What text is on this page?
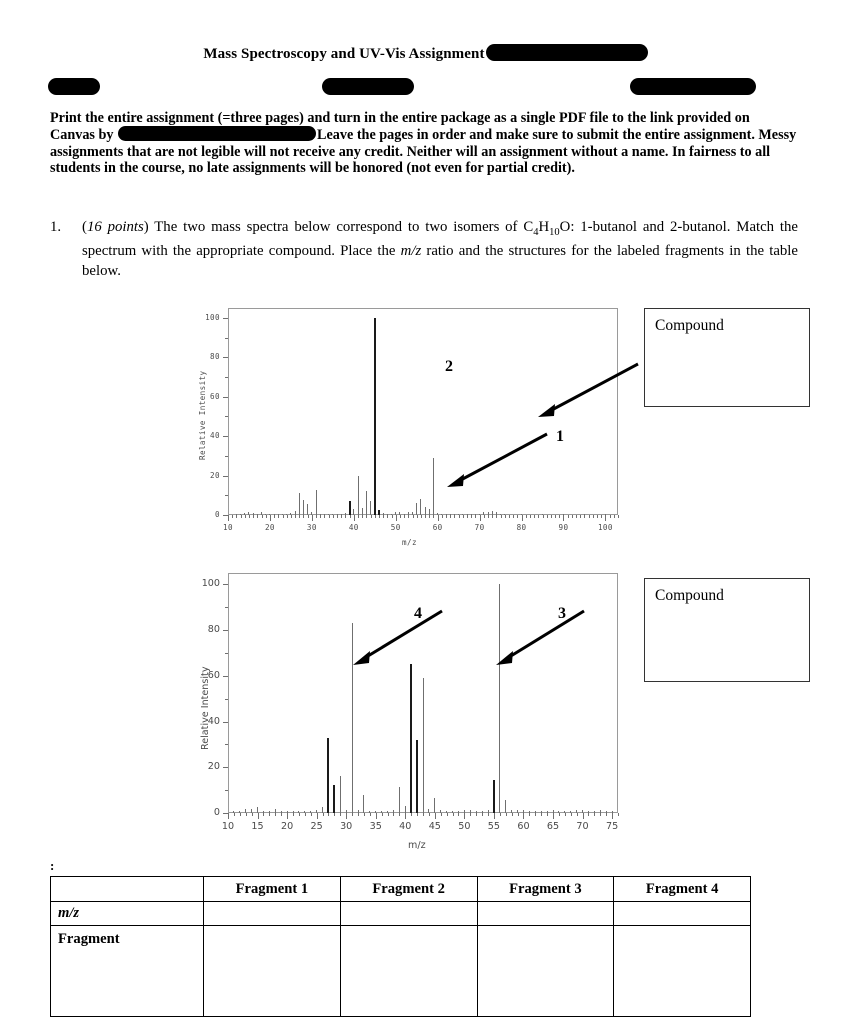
Mass Spectroscopy and UV-Vis Assignment
Print the entire assignment (=three pages) and turn in the entire package as a single PDF file to the link provided on Canvas by	Leave the pages in order and make sure to submit the entire assignment. Messy assignments that are not legible will not receive any credit. Neither will an assignment without a name. In fairness to all students in the course, no late assignments will be honored (not even for partial credit).
1.	(16 points) The two mass spectra below correspond to two isomers of $C_4H_{10}O$: 1-butanol and 2-butanol. Match the spectrum with the appropriate compound. Place the m/z ratio and the structures for the labeled fragments in the table below.
0
20
40
60
80
100
10	20	30	40	50	60	70	80	90	100
m/z
Relative Intensity
2
1
Compound
0
20
40
60
80
100
10	15	20	25	30	35	40	45	50	55	60	65	70	75
m/z
Relative Intensity
4	3
Compound
:
	Fragment 1	Fragment 2	Fragment 3	Fragment 4
m/z				
Fragment				
